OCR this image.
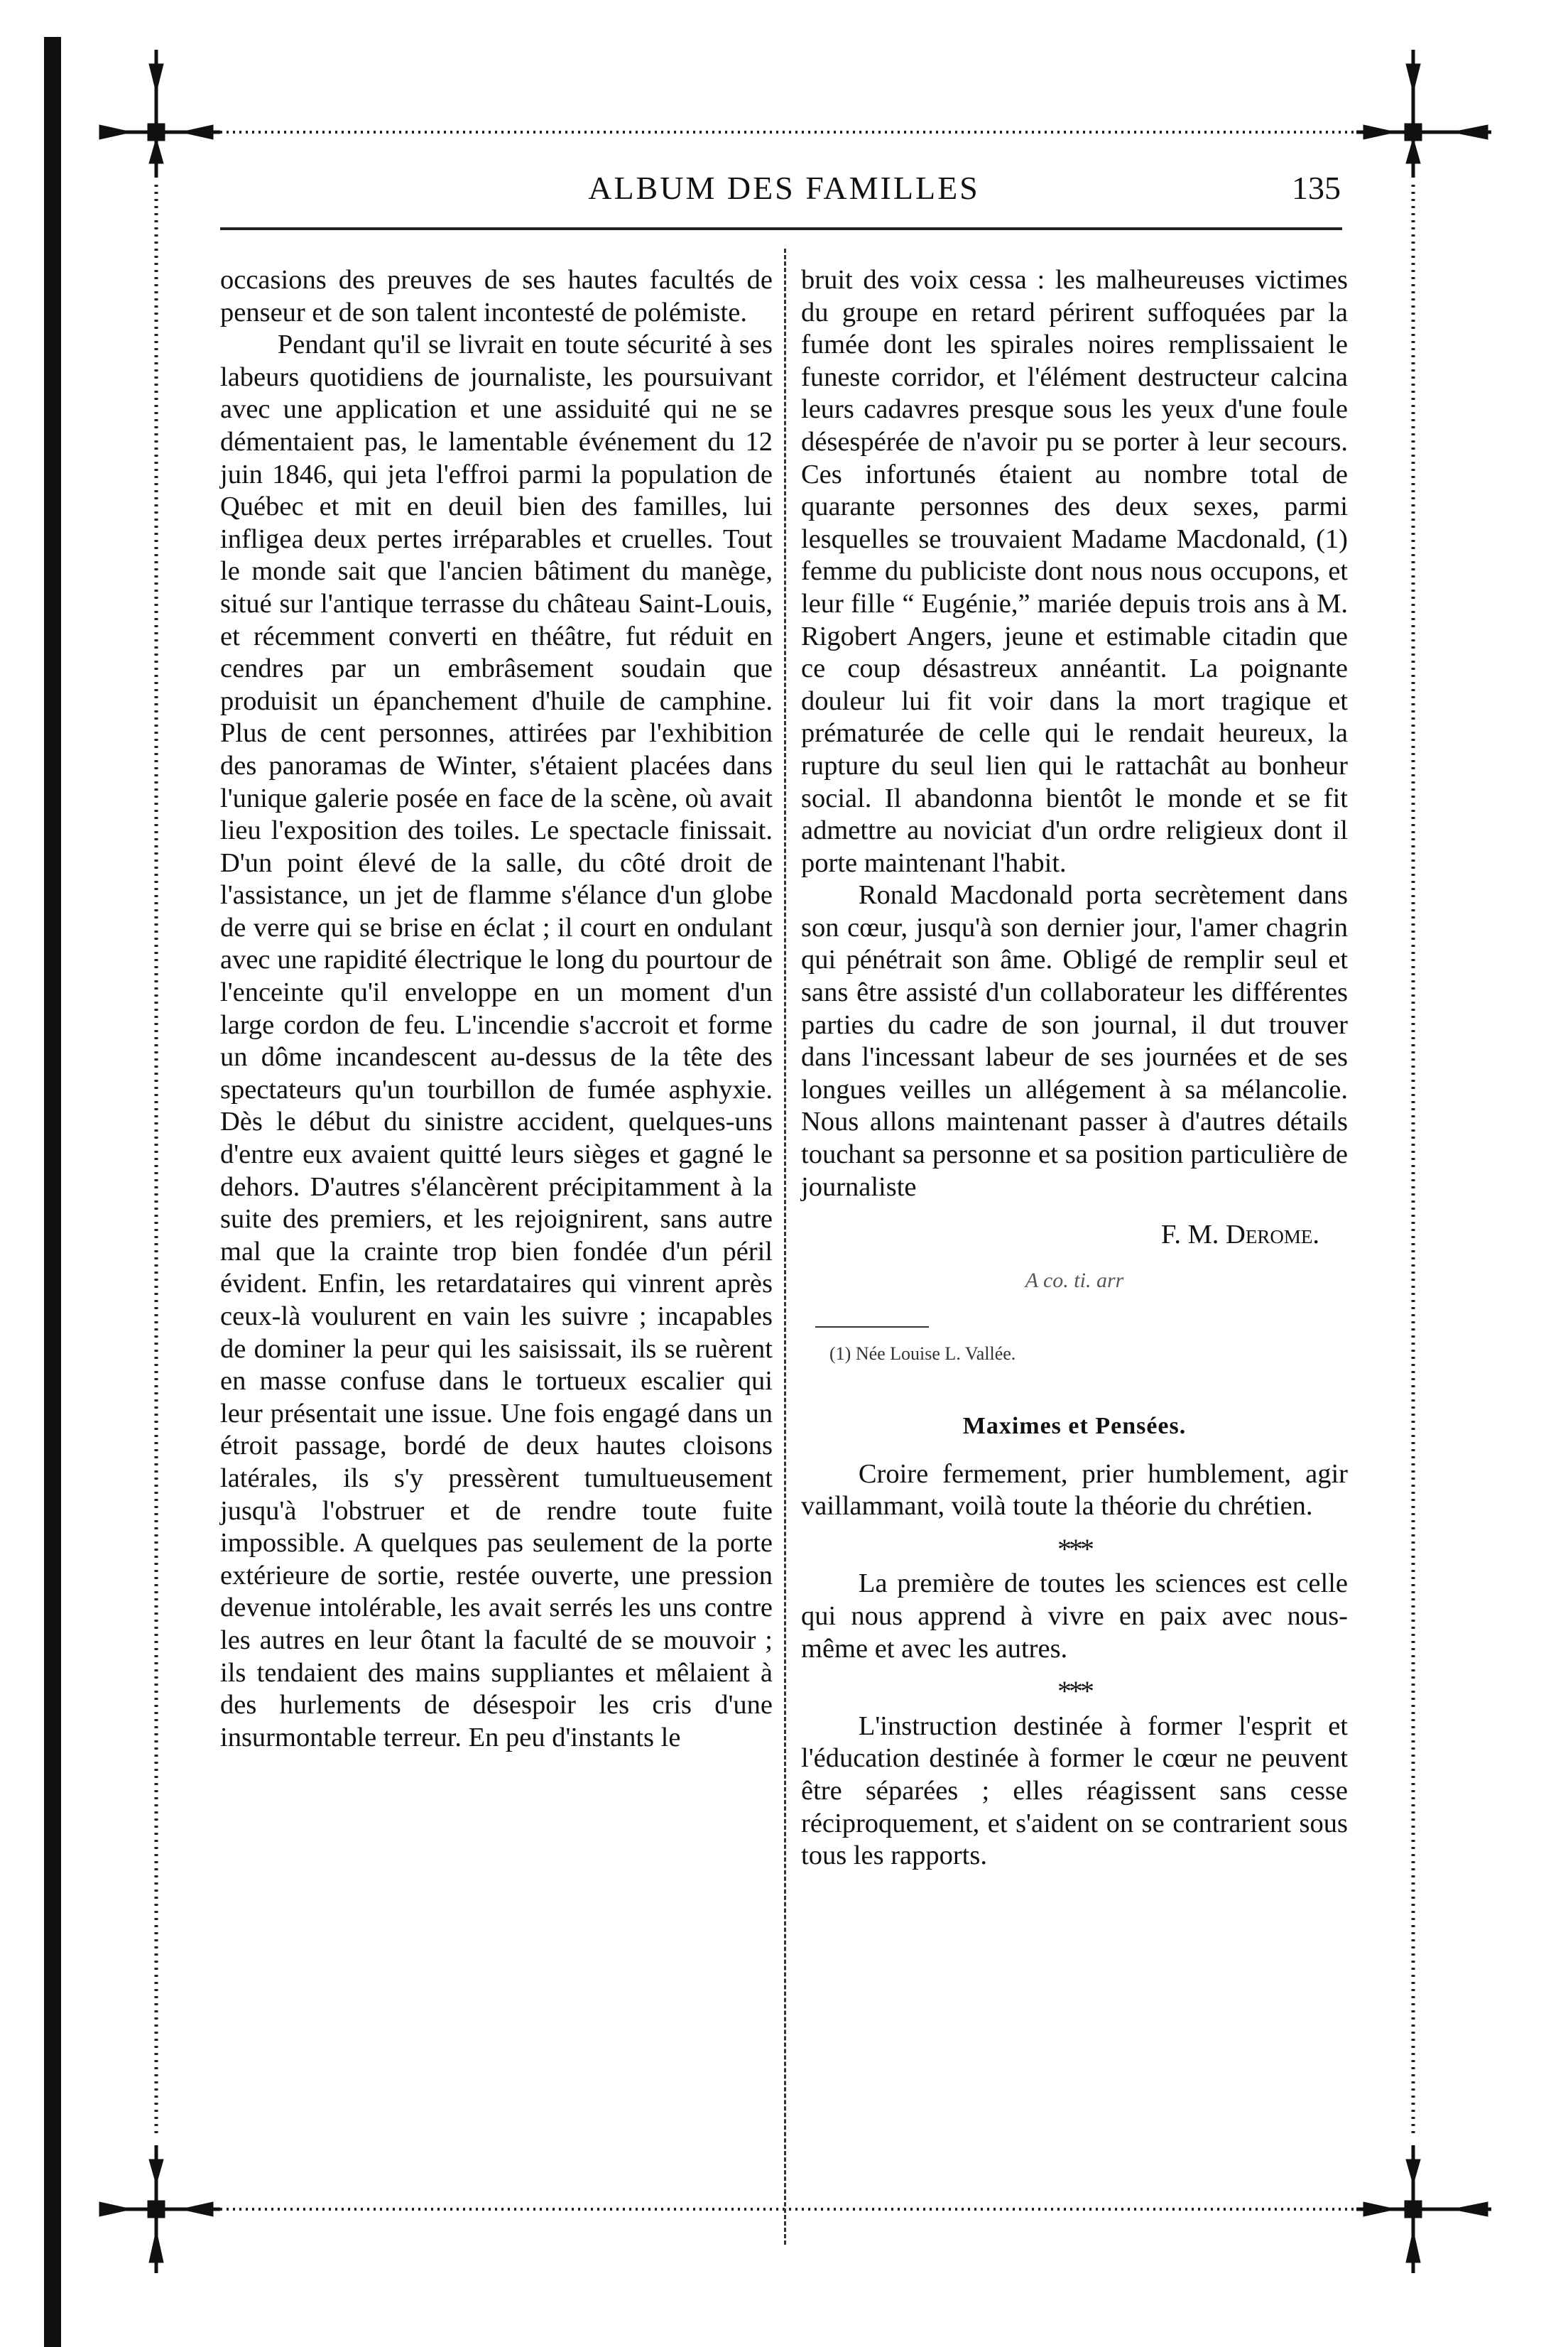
ALBUM DES FAMILLES	135

occasions des preuves de ses hautes facultés de penseur et de son talent incontesté de polémiste.

Pendant qu'il se livrait en toute sécurité à ses labeurs quotidiens de journaliste, les poursuivant avec une application et une assiduité qui ne se démentaient pas, le lamentable événement du 12 juin 1846, qui jeta l'effroi parmi la population de Québec et mit en deuil bien des familles, lui infligea deux pertes irréparables et cruelles. Tout le monde sait que l'ancien bâtiment du manège, situé sur l'antique terrasse du château Saint-Louis, et récemment converti en théâtre, fut réduit en cendres par un embrâsement soudain que produisit un épanchement d'huile de camphine. Plus de cent personnes, attirées par l'exhibition des panoramas de Winter, s'étaient placées dans l'unique galerie posée en face de la scène, où avait lieu l'exposition des toiles. Le spectacle finissait. D'un point élevé de la salle, du côté droit de l'assistance, un jet de flamme s'élance d'un globe de verre qui se brise en éclat ; il court en ondulant avec une rapidité électrique le long du pourtour de l'enceinte qu'il enveloppe en un moment d'un large cordon de feu. L'incendie s'accroit et forme un dôme incandescent au-dessus de la tête des spectateurs qu'un tourbillon de fumée asphyxie. Dès le début du sinistre accident, quelques-uns d'entre eux avaient quitté leurs sièges et gagné le dehors. D'autres s'élancèrent précipitamment à la suite des premiers, et les rejoignirent, sans autre mal que la crainte trop bien fondée d'un péril évident. Enfin, les retardataires qui vinrent après ceux-là voulurent en vain les suivre ; incapables de dominer la peur qui les saisissait, ils se ruèrent en masse confuse dans le tortueux escalier qui leur présentait une issue. Une fois engagé dans un étroit passage, bordé de deux hautes cloisons latérales, ils s'y pressèrent tumultueusement jusqu'à l'obstruer et de rendre toute fuite impossible. A quelques pas seulement de la porte extérieure de sortie, restée ouverte, une pression devenue intolérable, les avait serrés les uns contre les autres en leur ôtant la faculté de se mouvoir ; ils tendaient des mains suppliantes et mêlaient à des hurlements de désespoir les cris d'une insurmontable terreur. En peu d'instants le

bruit des voix cessa : les malheureuses victimes du groupe en retard périrent suffoquées par la fumée dont les spirales noires remplissaient le funeste corridor, et l'élément destructeur calcina leurs cadavres presque sous les yeux d'une foule désespérée de n'avoir pu se porter à leur secours. Ces infortunés étaient au nombre total de quarante personnes des deux sexes, parmi lesquelles se trouvaient Madame Macdonald, (1) femme du publiciste dont nous nous occupons, et leur fille “ Eugénie,” mariée depuis trois ans à M. Rigobert Angers, jeune et estimable citadin que ce coup désastreux annéantit. La poignante douleur lui fit voir dans la mort tragique et prématurée de celle qui le rendait heureux, la rupture du seul lien qui le rattachât au bonheur social. Il abandonna bientôt le monde et se fit admettre au noviciat d'un ordre religieux dont il porte maintenant l'habit.

Ronald Macdonald porta secrètement dans son cœur, jusqu'à son dernier jour, l'amer chagrin qui pénétrait son âme. Obligé de remplir seul et sans être assisté d'un collaborateur les différentes parties du cadre de son journal, il dut trouver dans l'incessant labeur de ses journées et de ses longues veilles un allégement à sa mélancolie. Nous allons maintenant passer à d'autres détails touchant sa personne et sa position particulière de journaliste

F. M. Derome.
A co. ti. arr
(1) Née Louise L. Vallée.
Maximes et Pensées.

Croire fermement, prier humblement, agir vaillammant, voilà toute la théorie du chrétien.

***

La première de toutes les sciences est celle qui nous apprend à vivre en paix avec nous-même et avec les autres.

***

L'instruction destinée à former l'esprit et l'éducation destinée à former le cœur ne peuvent être séparées ; elles réagissent sans cesse réciproquement, et s'aident on se contrarient sous tous les rapports.
